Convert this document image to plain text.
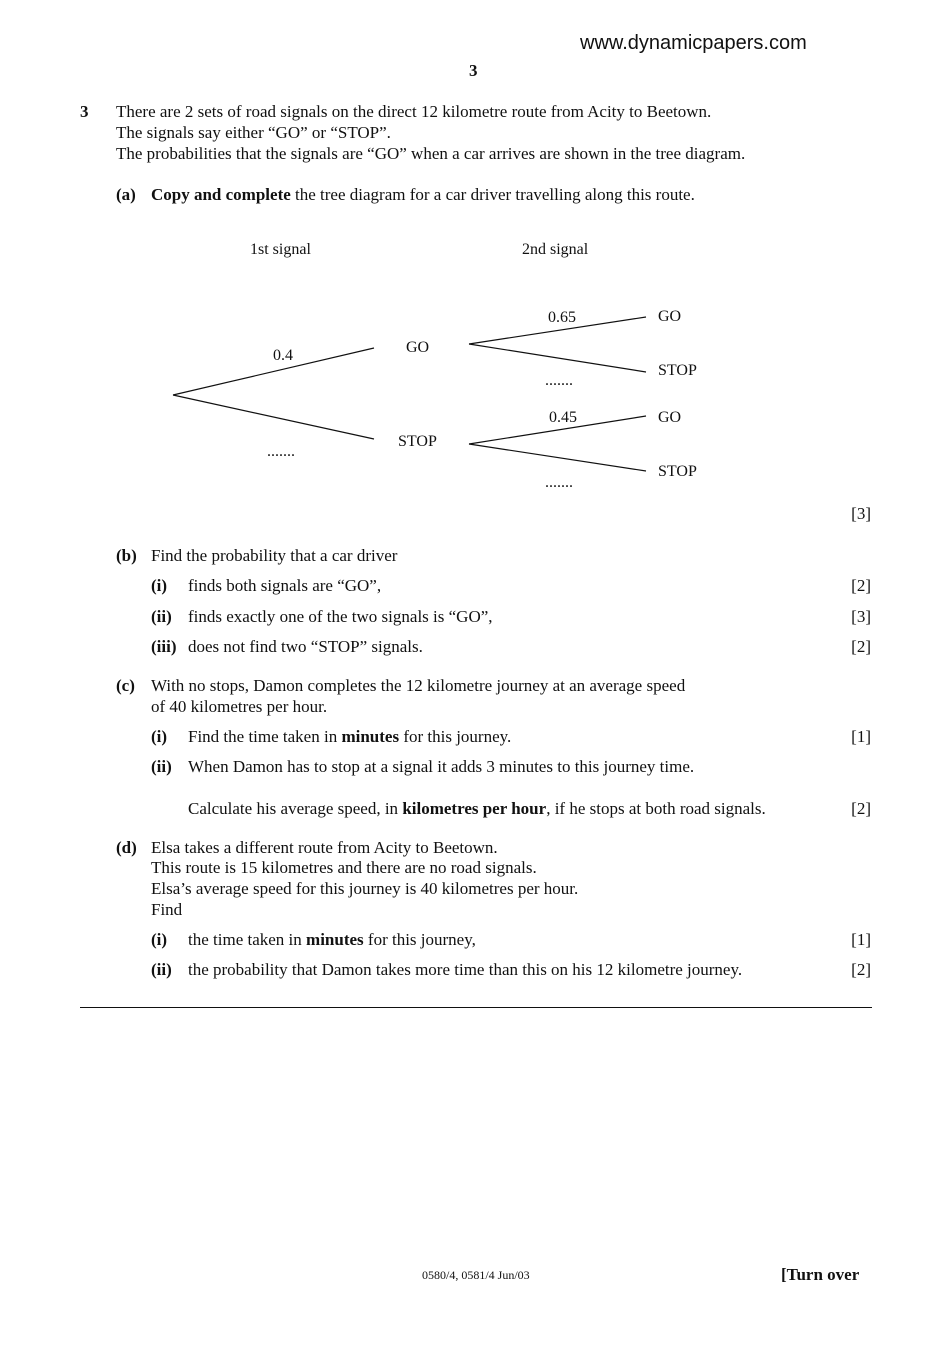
www.dynamicpapers.com
3
3 There are 2 sets of road signals on the direct 12 kilometre route from Acity to Beetown.
The signals say either “GO” or “STOP”.
The probabilities that the signals are “GO” when a car arrives are shown in the tree diagram.
(a) Copy and complete the tree diagram for a car driver travelling along this route.
1st signal	2nd signal
0.4
.......
GO
STOP
0.65
.......
0.45
.......
GO
STOP
GO
STOP
[3]
(b) Find the probability that a car driver
(i) finds both signals are “GO”,	[2]
(ii) finds exactly one of the two signals is “GO”,	[3]
(iii) does not find two “STOP” signals.	[2]
(c) With no stops, Damon completes the 12 kilometre journey at an average speed
of 40 kilometres per hour.
(i) Find the time taken in minutes for this journey.	[1]
(ii) When Damon has to stop at a signal it adds 3 minutes to this journey time.
Calculate his average speed, in kilometres per hour, if he stops at both road signals.	[2]
(d) Elsa takes a different route from Acity to Beetown.
This route is 15 kilometres and there are no road signals.
Elsa’s average speed for this journey is 40 kilometres per hour.
Find
(i) the time taken in minutes for this journey,	[1]
(ii) the probability that Damon takes more time than this on his 12 kilometre journey.	[2]
0580/4, 0581/4 Jun/03	[Turn over
